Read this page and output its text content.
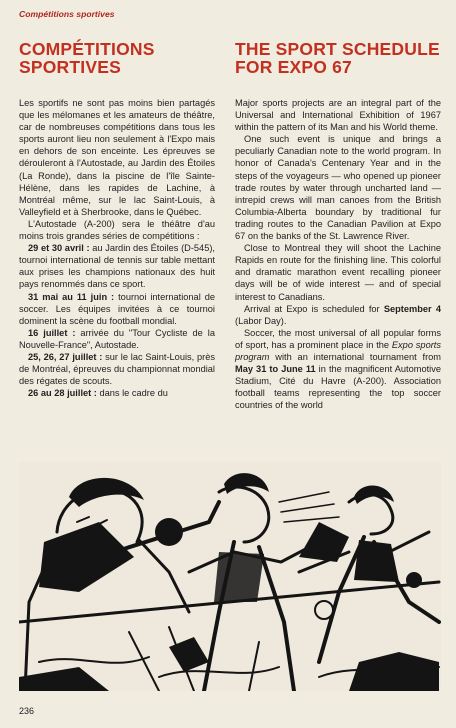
Compétitions sportives
COMPÉTITIONS
SPORTIVES

Les sportifs ne sont pas moins bien partagés que les mélomanes et les amateurs de théâtre, car de nombreuses compétitions dans tous les sports auront lieu non seulement à l'Expo mais en dehors de son enceinte. Les épreuves se dérouleront à l'Autostade, au Jardin des Étoiles (La Ronde), dans la piscine de l'île Sainte-Hélène, dans les rapides de Lachine, à Montréal même, sur le lac Saint-Louis, à Valleyfield et à Sherbrooke, dans le Québec.

L'Autostade (A-200) sera le théâtre d'au moins trois grandes séries de compétitions :

29 et 30 avril : au Jardin des Étoiles (D-545), tournoi international de tennis sur table mettant aux prises les champions nationaux des huit pays renommés dans ce sport.

31 mai au 11 juin : tournoi international de soccer. Les équipes invitées à ce tournoi dominent la scène du football mondial.

16 juillet : arrivée du "Tour Cycliste de la Nouvelle-France", Autostade.

25, 26, 27 juillet : sur le lac Saint-Louis, près de Montréal, épreuves du championnat mondial des régates de scouts.

26 au 28 juillet : dans le cadre du

THE SPORT SCHEDULE
FOR EXPO 67

Major sports projects are an integral part of the Universal and International Exhibition of 1967 within the pattern of its Man and his World theme.

One such event is unique and brings a peculiarly Canadian note to the world program. In honor of Canada's Centenary Year and in the steps of the voyageurs — who opened up pioneer trade routes by water through uncharted land — intrepid crews will man canoes from the British Columbia-Alberta boundary by traditional fur trading routes to the Canadian Pavilion at Expo 67 on the banks of the St. Lawrence River.

Close to Montreal they will shoot the Lachine Rapids en route for the finishing line. This colorful and dramatic marathon event recalling pioneer days will be of wide interest — and of special interest to Canadians.

Arrival at Expo is scheduled for September 4 (Labor Day).

Soccer, the most universal of all popular forms of sport, has a prominent place in the Expo sports program with an international tournament from May 31 to June 11 in the magnificent Automotive Stadium, Cité du Havre (A-200). Association football teams representing the top soccer countries of the world

236
